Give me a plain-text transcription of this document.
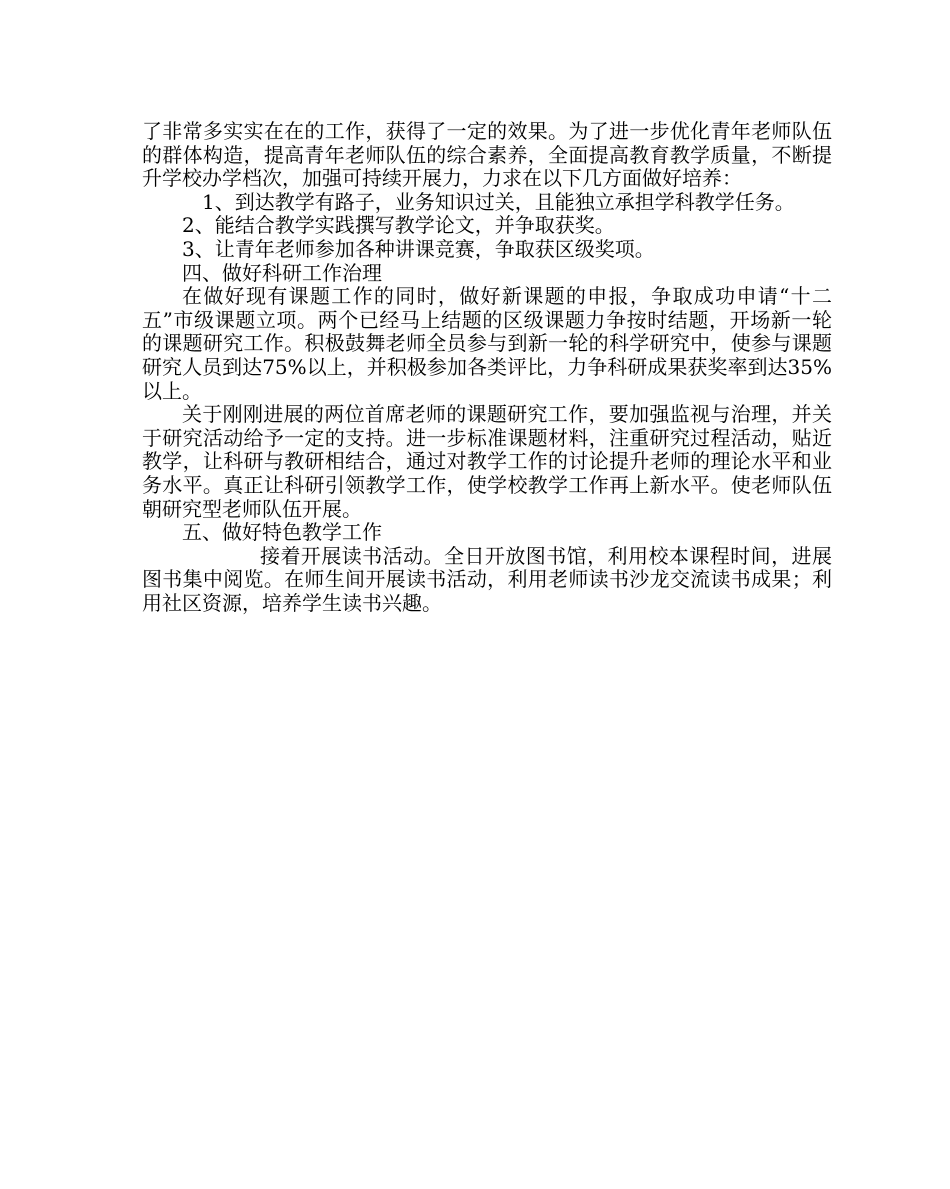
了非常多实实在在的工作，获得了一定的效果。为了进一步优化青年老师队伍的群体构造，提高青年老师队伍的综合素养，全面提高教育教学质量，不断提升学校办学档次，加强可持续开展力，力求在以下几方面做好培养：

1、到达教学有路子，业务知识过关，且能独立承担学科教学任务。

2、能结合教学实践撰写教学论文，并争取获奖。

3、让青年老师参加各种讲课竞赛，争取获区级奖项。

四、做好科研工作治理

在做好现有课题工作的同时，做好新课题的申报，争取成功申请“十二五”市级课题立项。两个已经马上结题的区级课题力争按时结题，开场新一轮的课题研究工作。积极鼓舞老师全员参与到新一轮的科学研究中，使参与课题研究人员到达75%以上，并积极参加各类评比，力争科研成果获奖率到达35%以上。

关于刚刚进展的两位首席老师的课题研究工作，要加强监视与治理，并关于研究活动给予一定的支持。进一步标准课题材料，注重研究过程活动，贴近教学，让科研与教研相结合，通过对教学工作的讨论提升老师的理论水平和业务水平。真正让科研引领教学工作，使学校教学工作再上新水平。使老师队伍朝研究型老师队伍开展。

五、做好特色教学工作

接着开展读书活动。全日开放图书馆，利用校本课程时间，进展图书集中阅览。在师生间开展读书活动，利用老师读书沙龙交流读书成果；利用社区资源，培养学生读书兴趣。
